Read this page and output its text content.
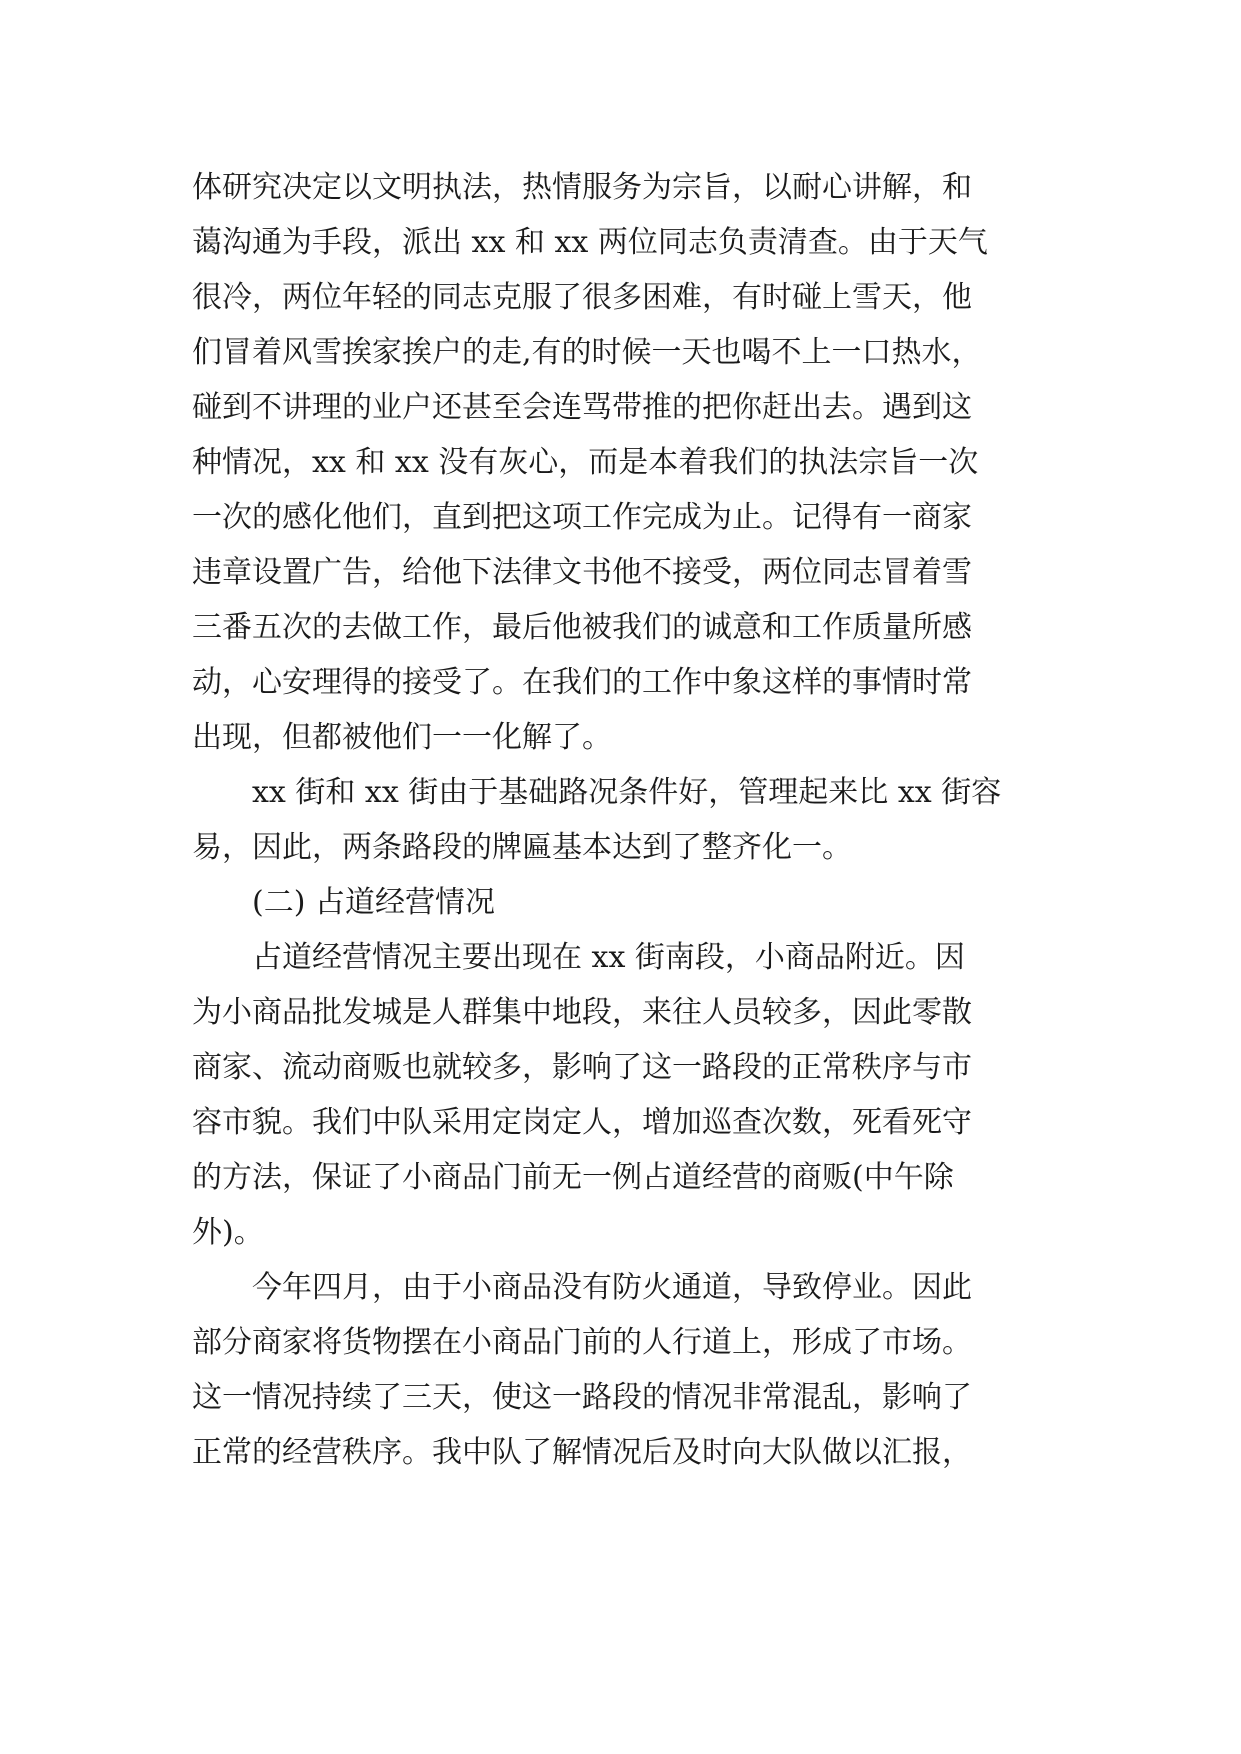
体研究决定以文明执法，热情服务为宗旨，以耐心讲解，和
蔼沟通为手段，派出 xx 和 xx 两位同志负责清查。由于天气
很冷，两位年轻的同志克服了很多困难，有时碰上雪天，他
们冒着风雪挨家挨户的走,有的时候一天也喝不上一口热水，
碰到不讲理的业户还甚至会连骂带推的把你赶出去。遇到这
种情况，xx 和 xx 没有灰心，而是本着我们的执法宗旨一次
一次的感化他们，直到把这项工作完成为止。记得有一商家
违章设置广告，给他下法律文书他不接受，两位同志冒着雪
三番五次的去做工作，最后他被我们的诚意和工作质量所感
动，心安理得的接受了。在我们的工作中象这样的事情时常
出现，但都被他们一一化解了。
xx 街和 xx 街由于基础路况条件好，管理起来比 xx 街容
易，因此，两条路段的牌匾基本达到了整齐化一。
(二) 占道经营情况
占道经营情况主要出现在 xx 街南段，小商品附近。因
为小商品批发城是人群集中地段，来往人员较多，因此零散
商家、流动商贩也就较多，影响了这一路段的正常秩序与市
容市貌。我们中队采用定岗定人，增加巡查次数，死看死守
的方法，保证了小商品门前无一例占道经营的商贩(中午除
外)。
今年四月，由于小商品没有防火通道，导致停业。因此
部分商家将货物摆在小商品门前的人行道上，形成了市场。
这一情况持续了三天，使这一路段的情况非常混乱，影响了
正常的经营秩序。我中队了解情况后及时向大队做以汇报，
